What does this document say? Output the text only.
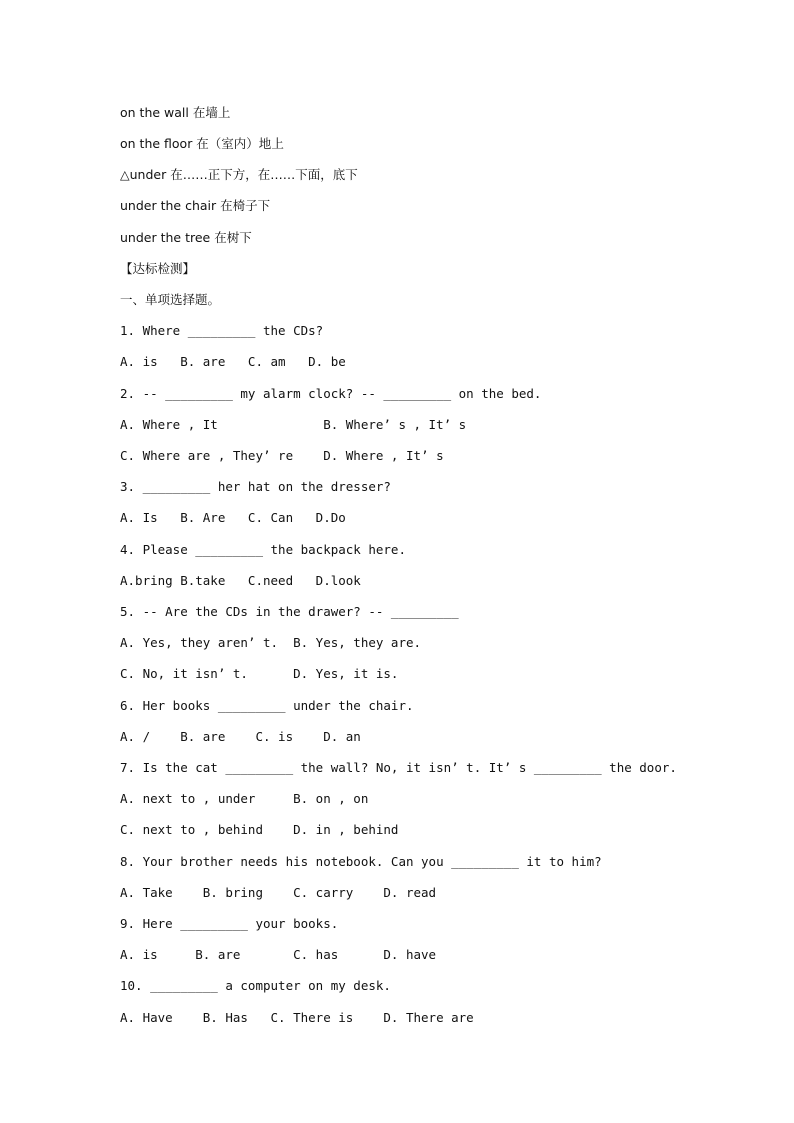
on the wall 在墙上
on the floor 在（室内）地上
△under 在……正下方，在……下面，底下
under the chair 在椅子下
under the tree 在树下
【达标检测】
一、单项选择题。
1. Where _________ the CDs?
A. is   B. are   C. am   D. be
2. -- _________ my alarm clock? -- _________ on the bed.
A. Where , It              B. Where’ s , It’ s
C. Where are , They’ re    D. Where , It’ s
3. _________ her hat on the dresser?
A. Is   B. Are   C. Can   D.Do
4. Please _________ the backpack here.
A.bring B.take   C.need   D.look
5. -- Are the CDs in the drawer? -- _________
A. Yes, they aren’ t.  B. Yes, they are.
C. No, it isn’ t.      D. Yes, it is.
6. Her books _________ under the chair.
A. /    B. are    C. is    D. an
7. Is the cat _________ the wall? No, it isn’ t. It’ s _________ the door.
A. next to , under     B. on , on
C. next to , behind    D. in , behind
8. Your brother needs his notebook. Can you _________ it to him?
A. Take    B. bring    C. carry    D. read
9. Here _________ your books.
A. is     B. are       C. has      D. have
10. _________ a computer on my desk.
A. Have    B. Has   C. There is    D. There are
